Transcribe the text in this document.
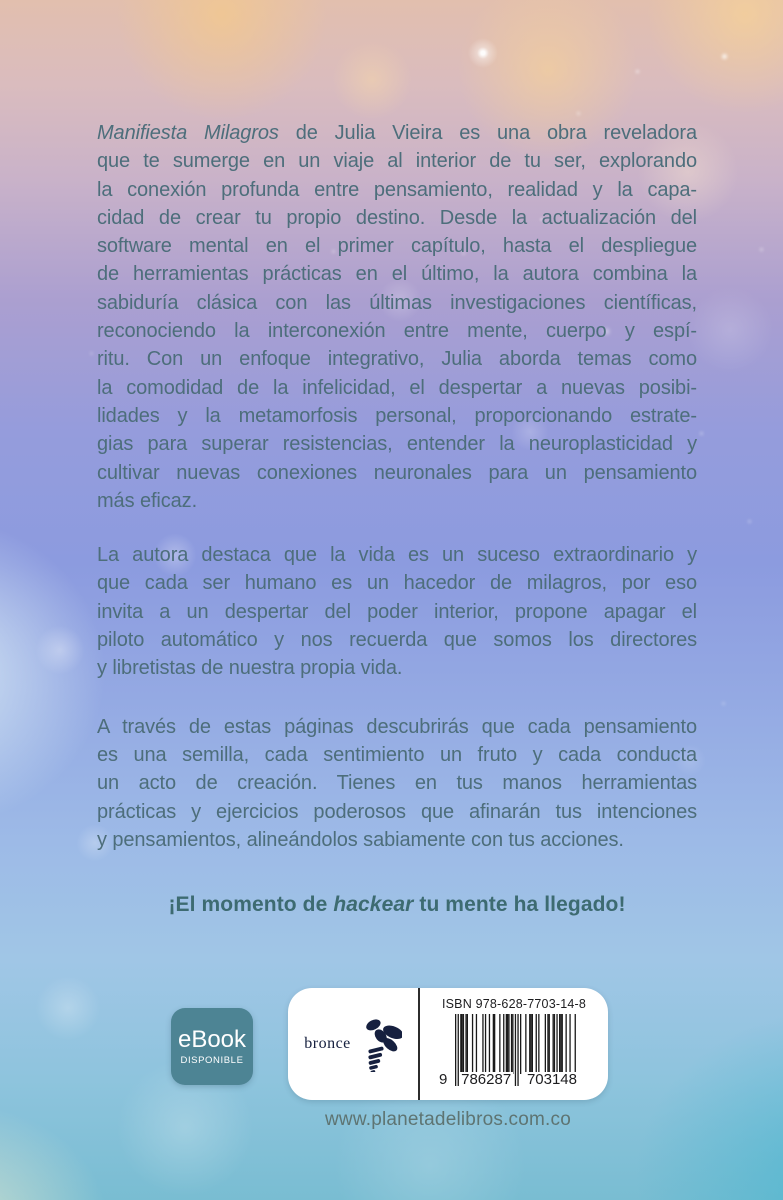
Manifiesta Milagros de Julia Vieira es una obra reveladora
que te sumerge en un viaje al interior de tu ser, explorando
la conexión profunda entre pensamiento, realidad y la capa-
cidad de crear tu propio destino. Desde la actualización del
software mental en el primer capítulo, hasta el despliegue
de herramientas prácticas en el último, la autora combina la
sabiduría clásica con las últimas investigaciones científicas,
reconociendo la interconexión entre mente, cuerpo y espí-
ritu. Con un enfoque integrativo, Julia aborda temas como
la comodidad de la infelicidad, el despertar a nuevas posibi-
lidades y la metamorfosis personal, proporcionando estrate-
gias para superar resistencias, entender la neuroplasticidad y
cultivar nuevas conexiones neuronales para un pensamiento
más eficaz.
La autora destaca que la vida es un suceso extraordinario y
que cada ser humano es un hacedor de milagros, por eso
invita a un despertar del poder interior, propone apagar el
piloto automático y nos recuerda que somos los directores
y libretistas de nuestra propia vida.
A través de estas páginas descubrirás que cada pensamiento
es una semilla, cada sentimiento un fruto y cada conducta
un acto de creación. Tienes en tus manos herramientas
prácticas y ejercicios poderosos que afinarán tus intenciones
y pensamientos, alineándolos sabiamente con tus acciones.
¡El momento de hackear tu mente ha llegado!
eBook
DISPONIBLE
bronce
ISBN 978-628-7703-14-8
9 786287 703148
www.planetadelibros.com.co
